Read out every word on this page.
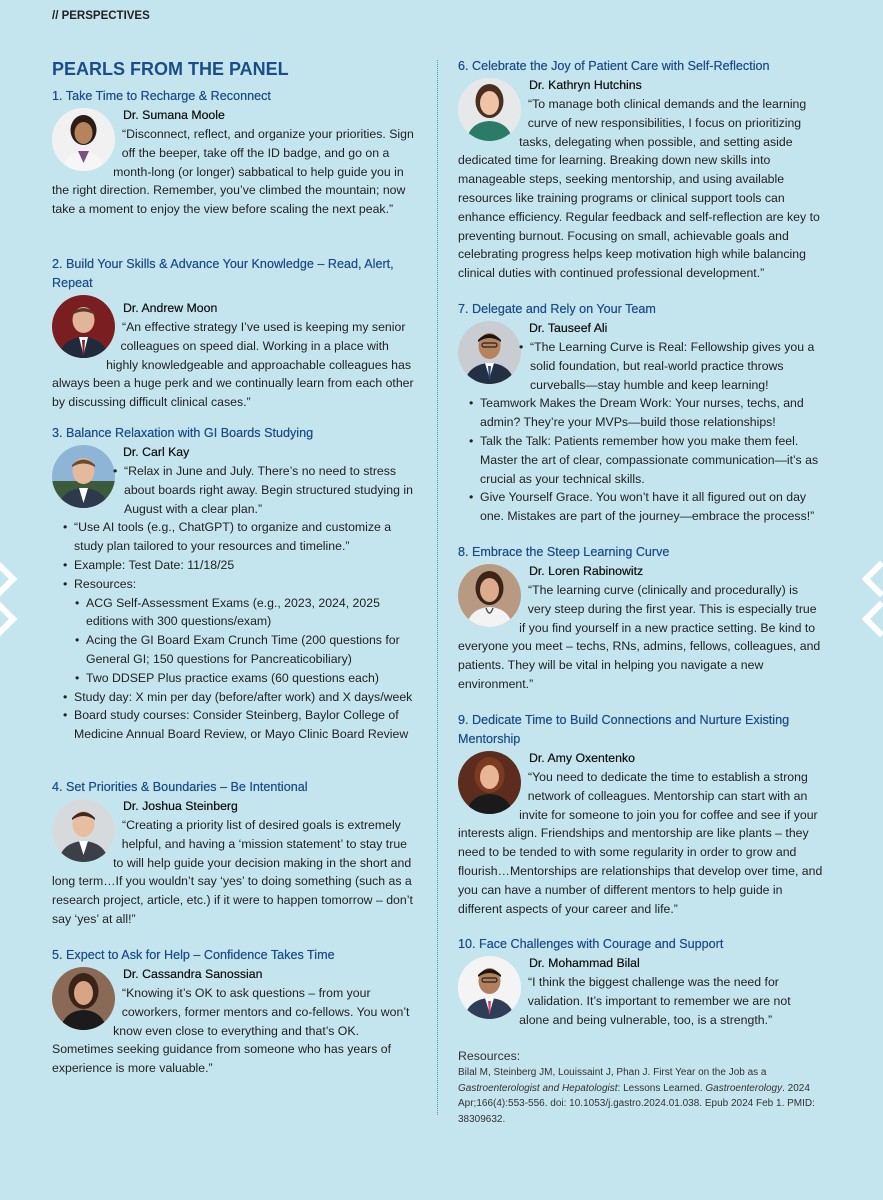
// PERSPECTIVES
PEARLS FROM THE PANEL

1. Take Time to Recharge & Reconnect

Dr. Sumana Moole

“Disconnect, reflect, and organize your priorities. Sign off the beeper, take off the ID badge, and go on a month-long (or longer) sabbatical to help guide you in the right direction. Remember, you’ve climbed the mountain; now take a moment to enjoy the view before scaling the next peak.”

2. Build Your Skills & Advance Your Knowledge – Read, Alert, Repeat

Dr. Andrew Moon

“An effective strategy I’ve used is keeping my senior colleagues on speed dial. Working in a place with highly knowledgeable and approachable colleagues has always been a huge perk and we continually learn from each other by discussing difficult clinical cases.”

3. Balance Relaxation with GI Boards Studying

Dr. Carl Kay

• “Relax in June and July. There’s no need to stress about boards right away. Begin structured studying in August with a clear plan.”
• “Use AI tools (e.g., ChatGPT) to organize and customize a study plan tailored to your resources and timeline.”
• Example: Test Date: 11/18/25
• Resources:
• ACG Self-Assessment Exams (e.g., 2023, 2024, 2025 editions with 300 questions/exam)
• Acing the GI Board Exam Crunch Time (200 questions for General GI; 150 questions for Pancreaticobiliary)
• Two DDSEP Plus practice exams (60 questions each)
• Study day: X min per day (before/after work) and X days/week
• Board study courses: Consider Steinberg, Baylor College of Medicine Annual Board Review, or Mayo Clinic Board Review

4. Set Priorities & Boundaries – Be Intentional

Dr. Joshua Steinberg

“Creating a priority list of desired goals is extremely helpful, and having a ‘mission statement’ to stay true to will help guide your decision making in the short and long term…If you wouldn’t say ‘yes’ to doing something (such as a research project, article, etc.) if it were to happen tomorrow – don’t say ‘yes’ at all!”

5. Expect to Ask for Help – Confidence Takes Time

Dr. Cassandra Sanossian

“Knowing it’s OK to ask questions – from your coworkers, former mentors and co-fellows. You won’t know even close to everything and that’s OK. Sometimes seeking guidance from someone who has years of experience is more valuable.”

6. Celebrate the Joy of Patient Care with Self-Reflection

Dr. Kathryn Hutchins

“To manage both clinical demands and the learning curve of new responsibilities, I focus on prioritizing tasks, delegating when possible, and setting aside dedicated time for learning. Breaking down new skills into manageable steps, seeking mentorship, and using available resources like training programs or clinical support tools can enhance efficiency. Regular feedback and self-reflection are key to preventing burnout. Focusing on small, achievable goals and celebrating progress helps keep motivation high while balancing clinical duties with continued professional development.”

7. Delegate and Rely on Your Team

Dr. Tauseef Ali

• “The Learning Curve is Real: Fellowship gives you a solid foundation, but real-world practice throws curveballs—stay humble and keep learning!
• Teamwork Makes the Dream Work: Your nurses, techs, and admin? They’re your MVPs—build those relationships!
• Talk the Talk: Patients remember how you make them feel. Master the art of clear, compassionate communication—it’s as crucial as your technical skills.
• Give Yourself Grace. You won’t have it all figured out on day one. Mistakes are part of the journey—embrace the process!”

8. Embrace the Steep Learning Curve

Dr. Loren Rabinowitz

“The learning curve (clinically and procedurally) is very steep during the first year. This is especially true if you find yourself in a new practice setting. Be kind to everyone you meet – techs, RNs, admins, fellows, colleagues, and patients. They will be vital in helping you navigate a new environment.”

9. Dedicate Time to Build Connections and Nurture Existing Mentorship

Dr. Amy Oxentenko

“You need to dedicate the time to establish a strong network of colleagues. Mentorship can start with an invite for someone to join you for coffee and see if your interests align. Friendships and mentorship are like plants – they need to be tended to with some regularity in order to grow and flourish…Mentorships are relationships that develop over time, and you can have a number of different mentors to help guide in different aspects of your career and life.”

10. Face Challenges with Courage and Support

Dr. Mohammad Bilal

“I think the biggest challenge was the need for validation. It’s important to remember we are not alone and being vulnerable, too, is a strength.”

Resources:

Bilal M, Steinberg JM, Louissaint J, Phan J. First Year on the Job as a Gastroenterologist and Hepatologist: Lessons Learned. Gastroenterology. 2024 Apr;166(4):553-556. doi: 10.1053/j.gastro.2024.01.038. Epub 2024 Feb 1. PMID: 38309632.
